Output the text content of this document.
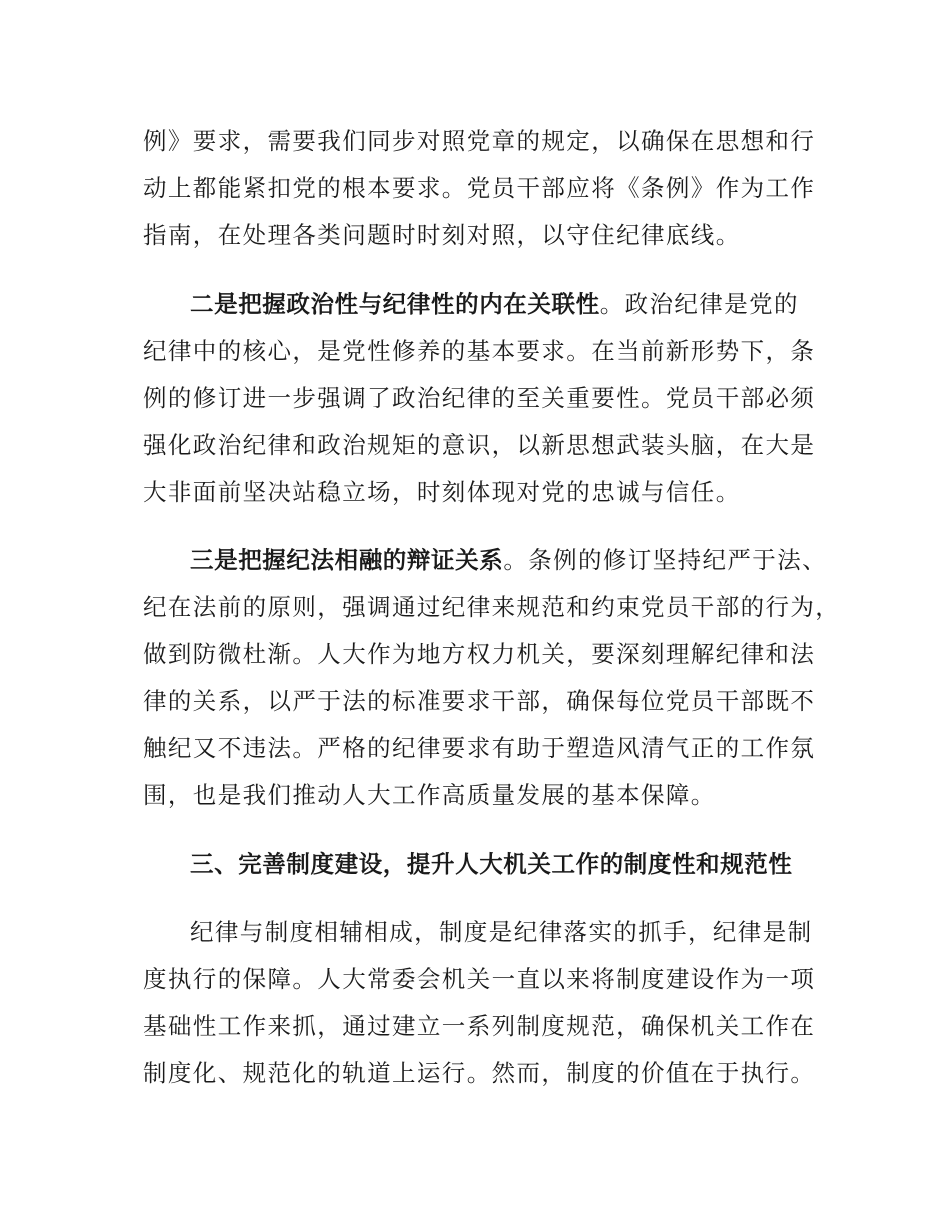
例》要求，需要我们同步对照党章的规定，以确保在思想和行
动上都能紧扣党的根本要求。党员干部应将《条例》作为工作
指南，在处理各类问题时时刻对照，以守住纪律底线。
二是把握政治性与纪律性的内在关联性。政治纪律是党的
纪律中的核心，是党性修养的基本要求。在当前新形势下，条
例的修订进一步强调了政治纪律的至关重要性。党员干部必须
强化政治纪律和政治规矩的意识，以新思想武装头脑，在大是
大非面前坚决站稳立场，时刻体现对党的忠诚与信任。
三是把握纪法相融的辩证关系。条例的修订坚持纪严于法、
纪在法前的原则，强调通过纪律来规范和约束党员干部的行为，
做到防微杜渐。人大作为地方权力机关，要深刻理解纪律和法
律的关系，以严于法的标准要求干部，确保每位党员干部既不
触纪又不违法。严格的纪律要求有助于塑造风清气正的工作氛
围，也是我们推动人大工作高质量发展的基本保障。
三、完善制度建设，提升人大机关工作的制度性和规范性
纪律与制度相辅相成，制度是纪律落实的抓手，纪律是制
度执行的保障。人大常委会机关一直以来将制度建设作为一项
基础性工作来抓，通过建立一系列制度规范，确保机关工作在
制度化、规范化的轨道上运行。然而，制度的价值在于执行。
